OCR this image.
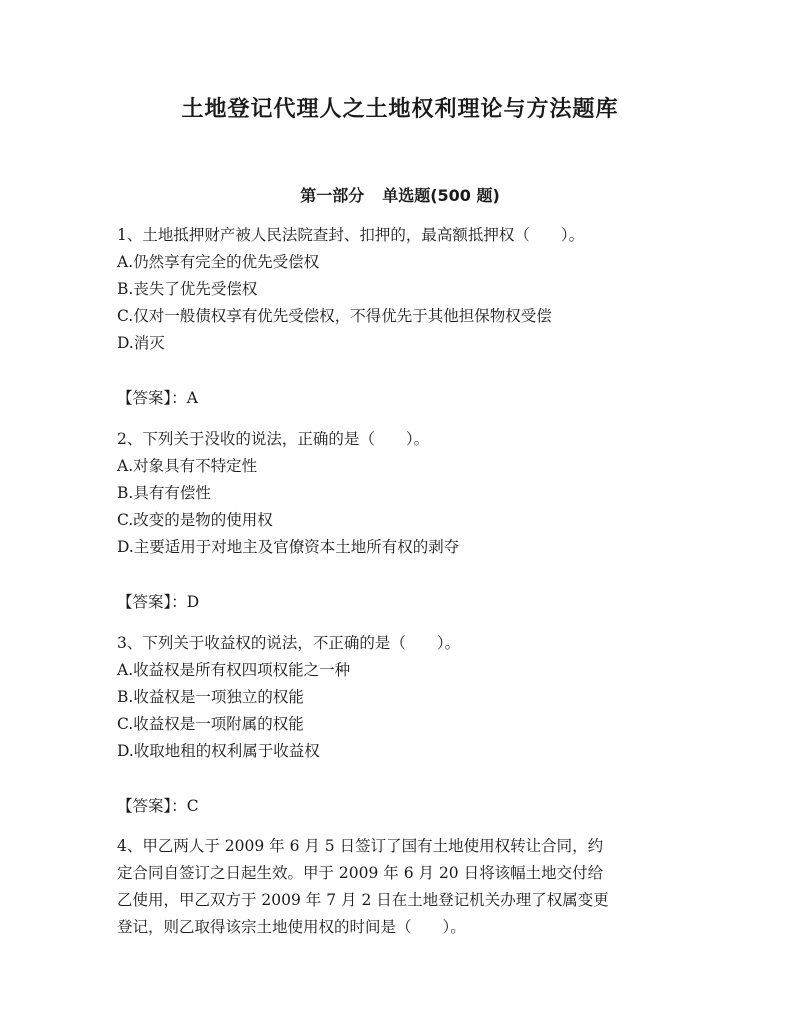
土地登记代理人之土地权利理论与方法题库
第一部分 单选题(500 题)

1、土地抵押财产被人民法院查封、扣押的，最高额抵押权（　　）。

A.仍然享有完全的优先受偿权

B.丧失了优先受偿权

C.仅对一般债权享有优先受偿权，不得优先于其他担保物权受偿

D.消灭

【答案】：A

2、下列关于没收的说法，正确的是（　　）。

A.对象具有不特定性

B.具有有偿性

C.改变的是物的使用权

D.主要适用于对地主及官僚资本土地所有权的剥夺

【答案】：D

3、下列关于收益权的说法，不正确的是（　　）。

A.收益权是所有权四项权能之一种

B.收益权是一项独立的权能

C.收益权是一项附属的权能

D.收取地租的权利属于收益权

【答案】：C

4、甲乙两人于 2009 年 6 月 5 日签订了国有土地使用权转让合同，约

定合同自签订之日起生效。甲于 2009 年 6 月 20 日将该幅土地交付给

乙使用，甲乙双方于 2009 年 7 月 2 日在土地登记机关办理了权属变更

登记，则乙取得该宗土地使用权的时间是（　　）。
